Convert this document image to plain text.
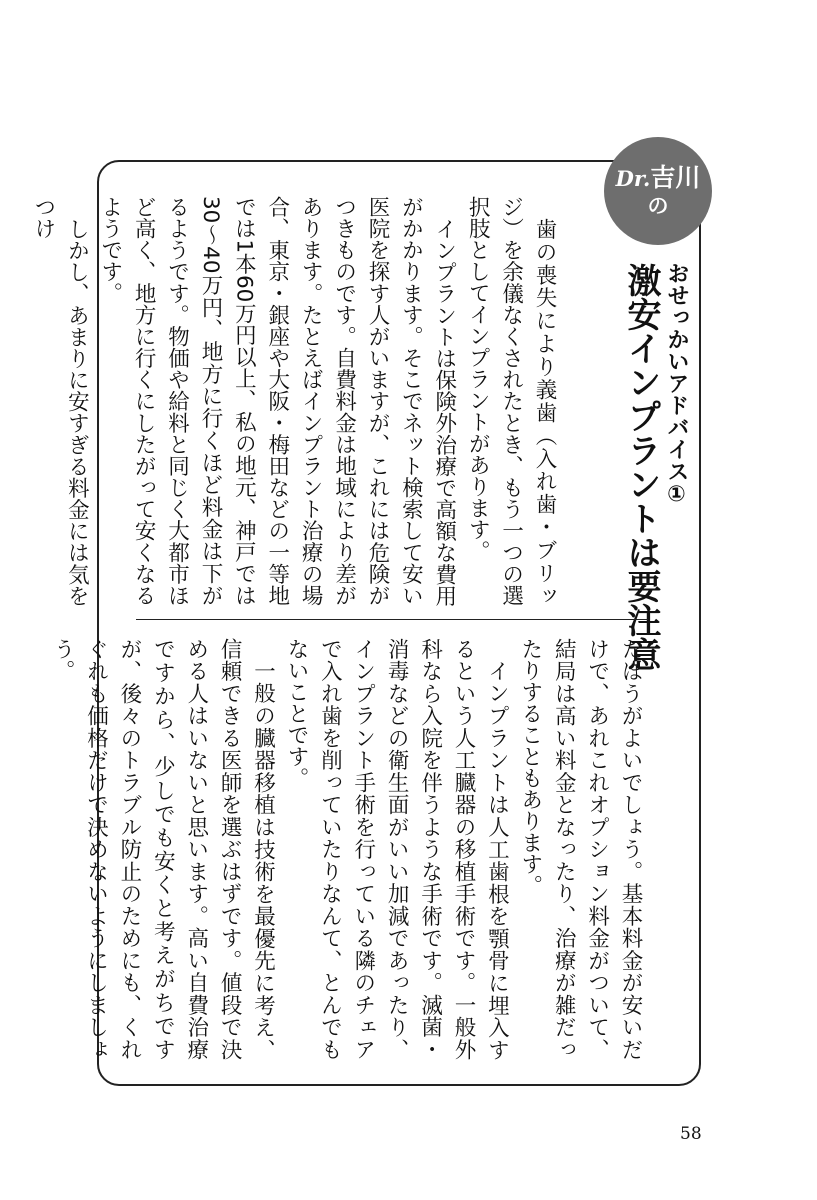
Dr.吉川
の
おせっかいアドバイス①
激安インプラントは要注意

歯の喪失により義歯（入れ歯・ブリッジ）を余儀なくされたとき、もう一つの選択肢としてインプラントがあります。

インプラントは保険外治療で高額な費用がかかります。そこでネット検索して安い医院を探す人がいますが、これには危険がつきものです。自費料金は地域により差があります。たとえばインプラント治療の場合、東京・銀座や大阪・梅田などの一等地では1本60万円以上、私の地元、神戸では30〜40万円、地方に行くほど料金は下がるようです。物価や給料と同じく大都市ほど高く、地方に行くにしたがって安くなるようです。

しかし、あまりに安すぎる料金には気をつけ

たほうがよいでしょう。基本料金が安いだけで、あれこれオプション料金がついて、結局は高い料金となったり、治療が雑だったりすることもあります。

インプラントは人工歯根を顎骨に埋入するという人工臓器の移植手術です。一般外科なら入院を伴うような手術です。滅菌・消毒などの衛生面がいい加減であったり、インプラント手術を行っている隣のチェアで入れ歯を削っていたりなんて、とんでもないことです。

一般の臓器移植は技術を最優先に考え、信頼できる医師を選ぶはずです。値段で決める人はいないと思います。高い自費治療ですから、少しでも安くと考えがちですが、後々のトラブル防止のためにも、くれぐれも価格だけで決めないようにしましょう。

58
